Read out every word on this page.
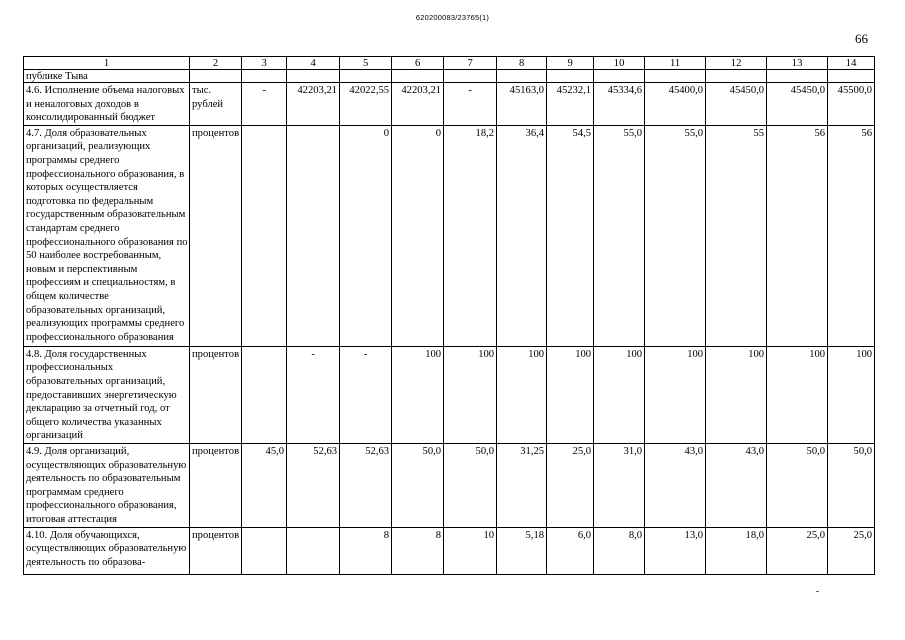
620200083/23765(1)
66
1	2	3	4	5	6	7	8	9	10	11	12	13	14
публике Тыва													
4.6. Исполнение объема налоговых и неналоговых доходов в консолидированный бюджет	тыс. рублей	-	42203,21	42022,55	42203,21	-	45163,0	45232,1	45334,6	45400,0	45450,0	45450,0	45500,0
4.7. Доля образовательных организаций, реализующих программы среднего профессионального образования, в которых осуществляется подготовка по федеральным государственным образовательным стандартам среднего профессионального образования по 50 наиболее востребованным, новым и перспективным профессиям и специальностям, в общем количестве образовательных организаций, реализующих программы среднего профессионального образования	процентов			0	0	18,2	36,4	54,5	55,0	55,0	55	56	56
4.8. Доля государственных профессиональных образовательных организаций, предоставивших энергетическую декларацию за отчетный год, от общего количества указанных организаций	процентов		-	-	100	100	100	100	100	100	100	100	100
4.9. Доля организаций, осуществляющих образовательную деятельность по образовательным программам среднего профессионального образования, итоговая аттестация	процентов	45,0	52,63	52,63	50,0	50,0	31,25	25,0	31,0	43,0	43,0	50,0	50,0
4.10. Доля обучающихся, осуществляющих образовательную деятельность по образова-	процентов			8	8	10	5,18	6,0	8,0	13,0	18,0	25,0	25,0
